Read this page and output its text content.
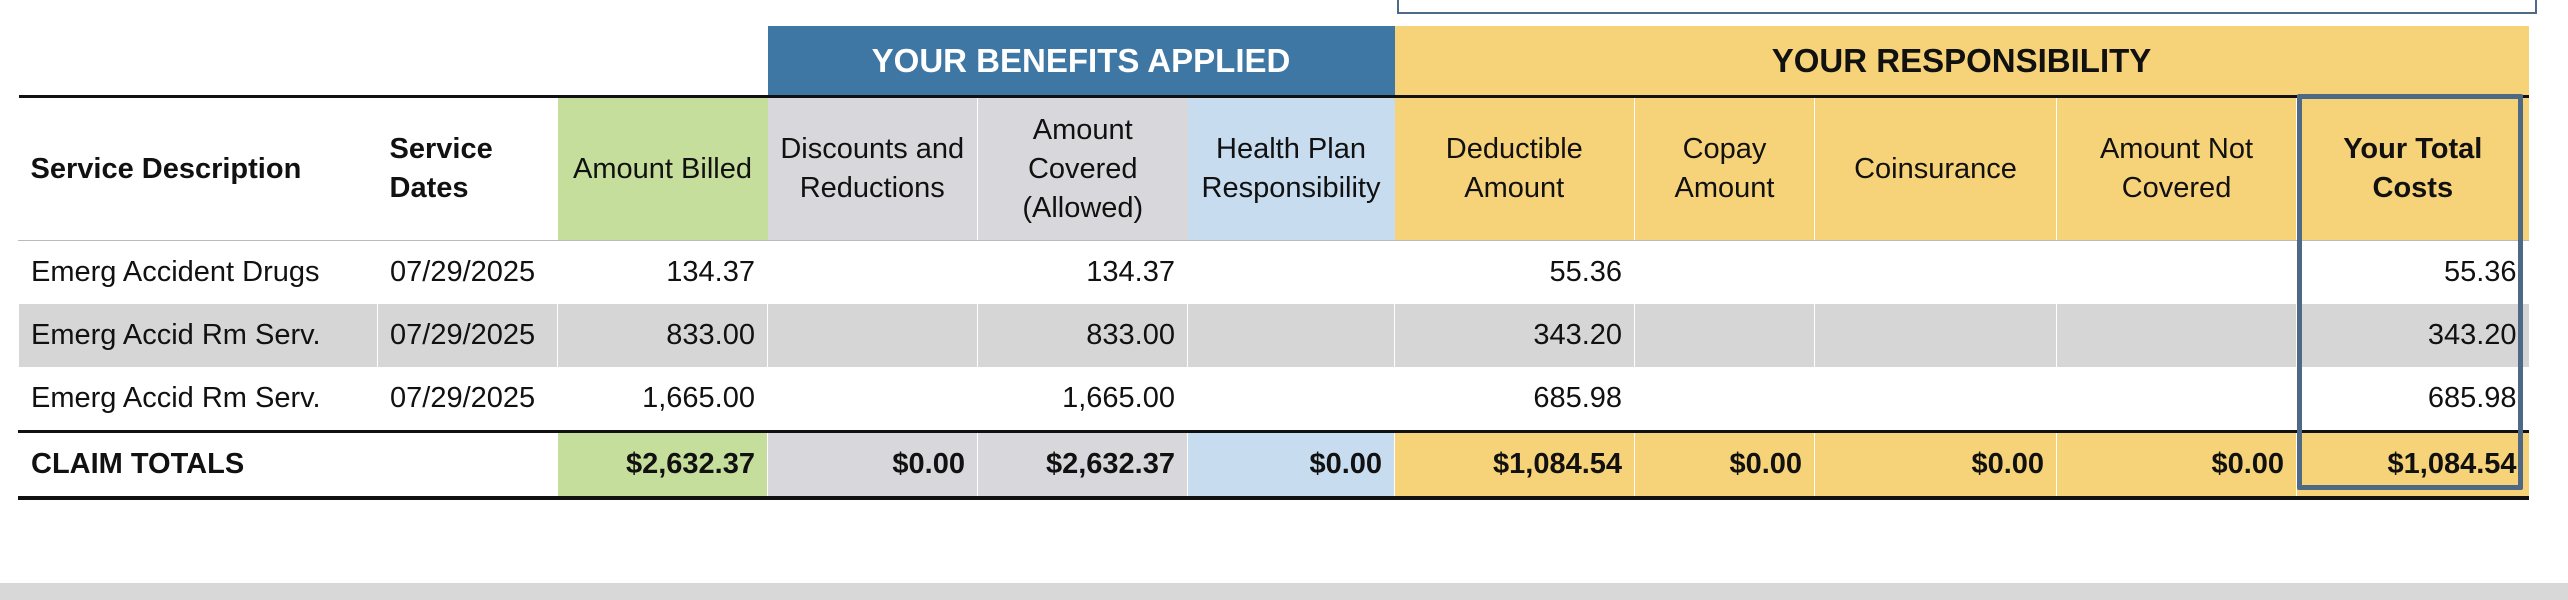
			YOUR BENEFITS APPLIED			YOUR RESPONSIBILITY				
Service Description	Service Dates	Amount Billed	Discounts and Reductions	Amount Covered (Allowed)	Health Plan Responsibility	Deductible Amount	Copay Amount	Coinsurance	Amount Not Covered	Your Total Costs
Emerg Accident Drugs	07/29/2025	134.37		134.37		55.36				55.36
Emerg Accid Rm Serv.	07/29/2025	833.00		833.00		343.20				343.20
Emerg Accid Rm Serv.	07/29/2025	1,665.00		1,665.00		685.98				685.98
CLAIM TOTALS		$2,632.37	$0.00	$2,632.37	$0.00	$1,084.54	$0.00	$0.00	$0.00	$1,084.54
